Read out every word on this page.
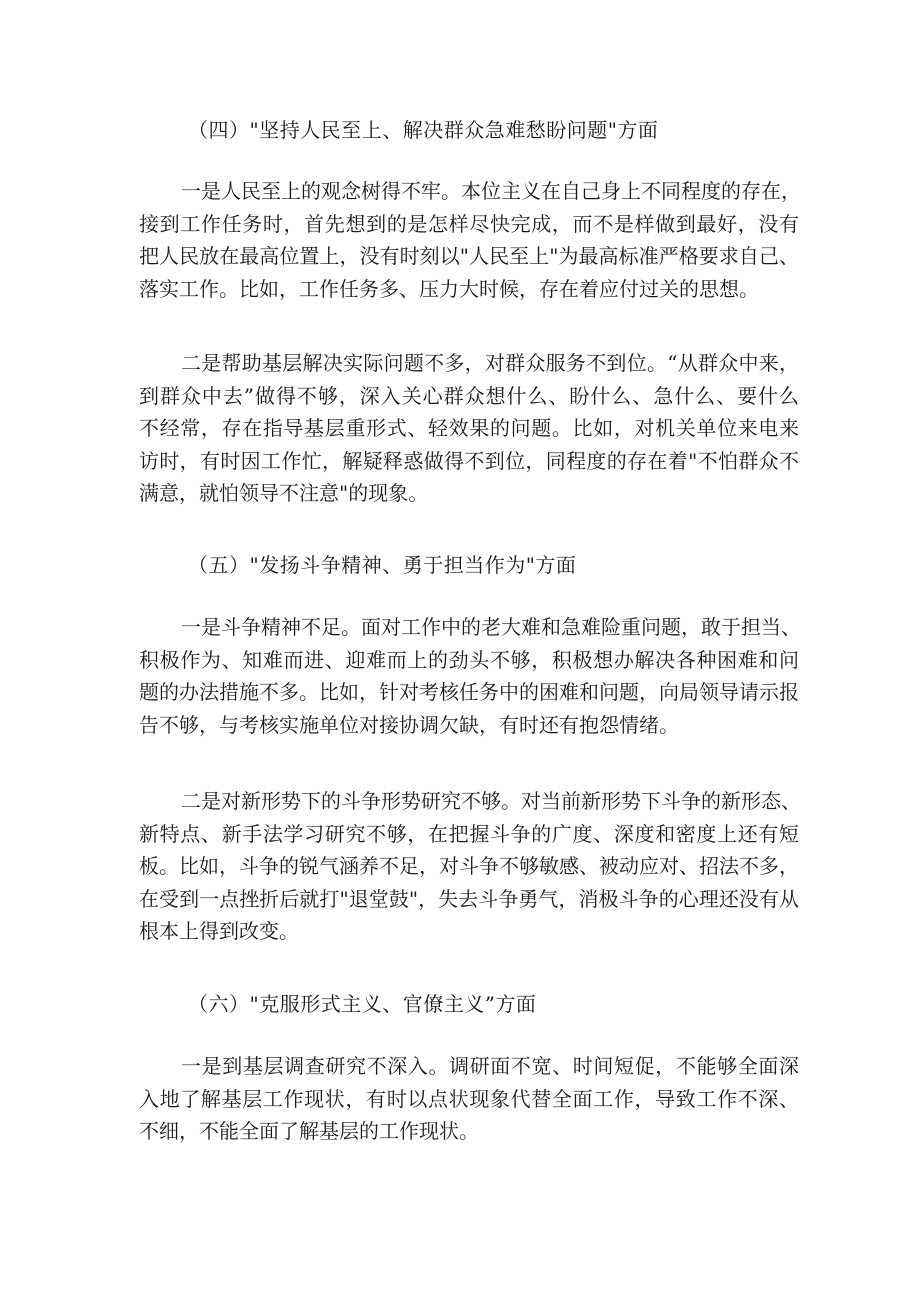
（四）"坚持人民至上、解决群众急难愁盼问题"方面
一是人民至上的观念树得不牢。本位主义在自己身上不同程度的存在，
接到工作任务时，首先想到的是怎样尽快完成，而不是样做到最好，没有
把人民放在最高位置上，没有时刻以"人民至上"为最高标准严格要求自己、
落实工作。比如，工作任务多、压力大时候，存在着应付过关的思想。
二是帮助基层解决实际问题不多，对群众服务不到位。“从群众中来，
到群众中去”做得不够，深入关心群众想什么、盼什么、急什么、要什么
不经常，存在指导基层重形式、轻效果的问题。比如，对机关单位来电来
访时，有时因工作忙，解疑释惑做得不到位，同程度的存在着"不怕群众不
满意，就怕领导不注意"的现象。
（五）"发扬斗争精神、勇于担当作为"方面
一是斗争精神不足。面对工作中的老大难和急难险重问题，敢于担当、
积极作为、知难而进、迎难而上的劲头不够，积极想办解决各种困难和问
题的办法措施不多。比如，针对考核任务中的困难和问题，向局领导请示报
告不够，与考核实施单位对接协调欠缺，有时还有抱怨情绪。
二是对新形势下的斗争形势研究不够。对当前新形势下斗争的新形态、
新特点、新手法学习研究不够，在把握斗争的广度、深度和密度上还有短
板。比如，斗争的锐气涵养不足，对斗争不够敏感、被动应对、招法不多，
在受到一点挫折后就打"退堂鼓"，失去斗争勇气，消极斗争的心理还没有从
根本上得到改变。
（六）"克服形式主义、官僚主义”方面
一是到基层调查研究不深入。调研面不宽、时间短促，不能够全面深
入地了解基层工作现状，有时以点状现象代替全面工作，导致工作不深、
不细，不能全面了解基层的工作现状。
